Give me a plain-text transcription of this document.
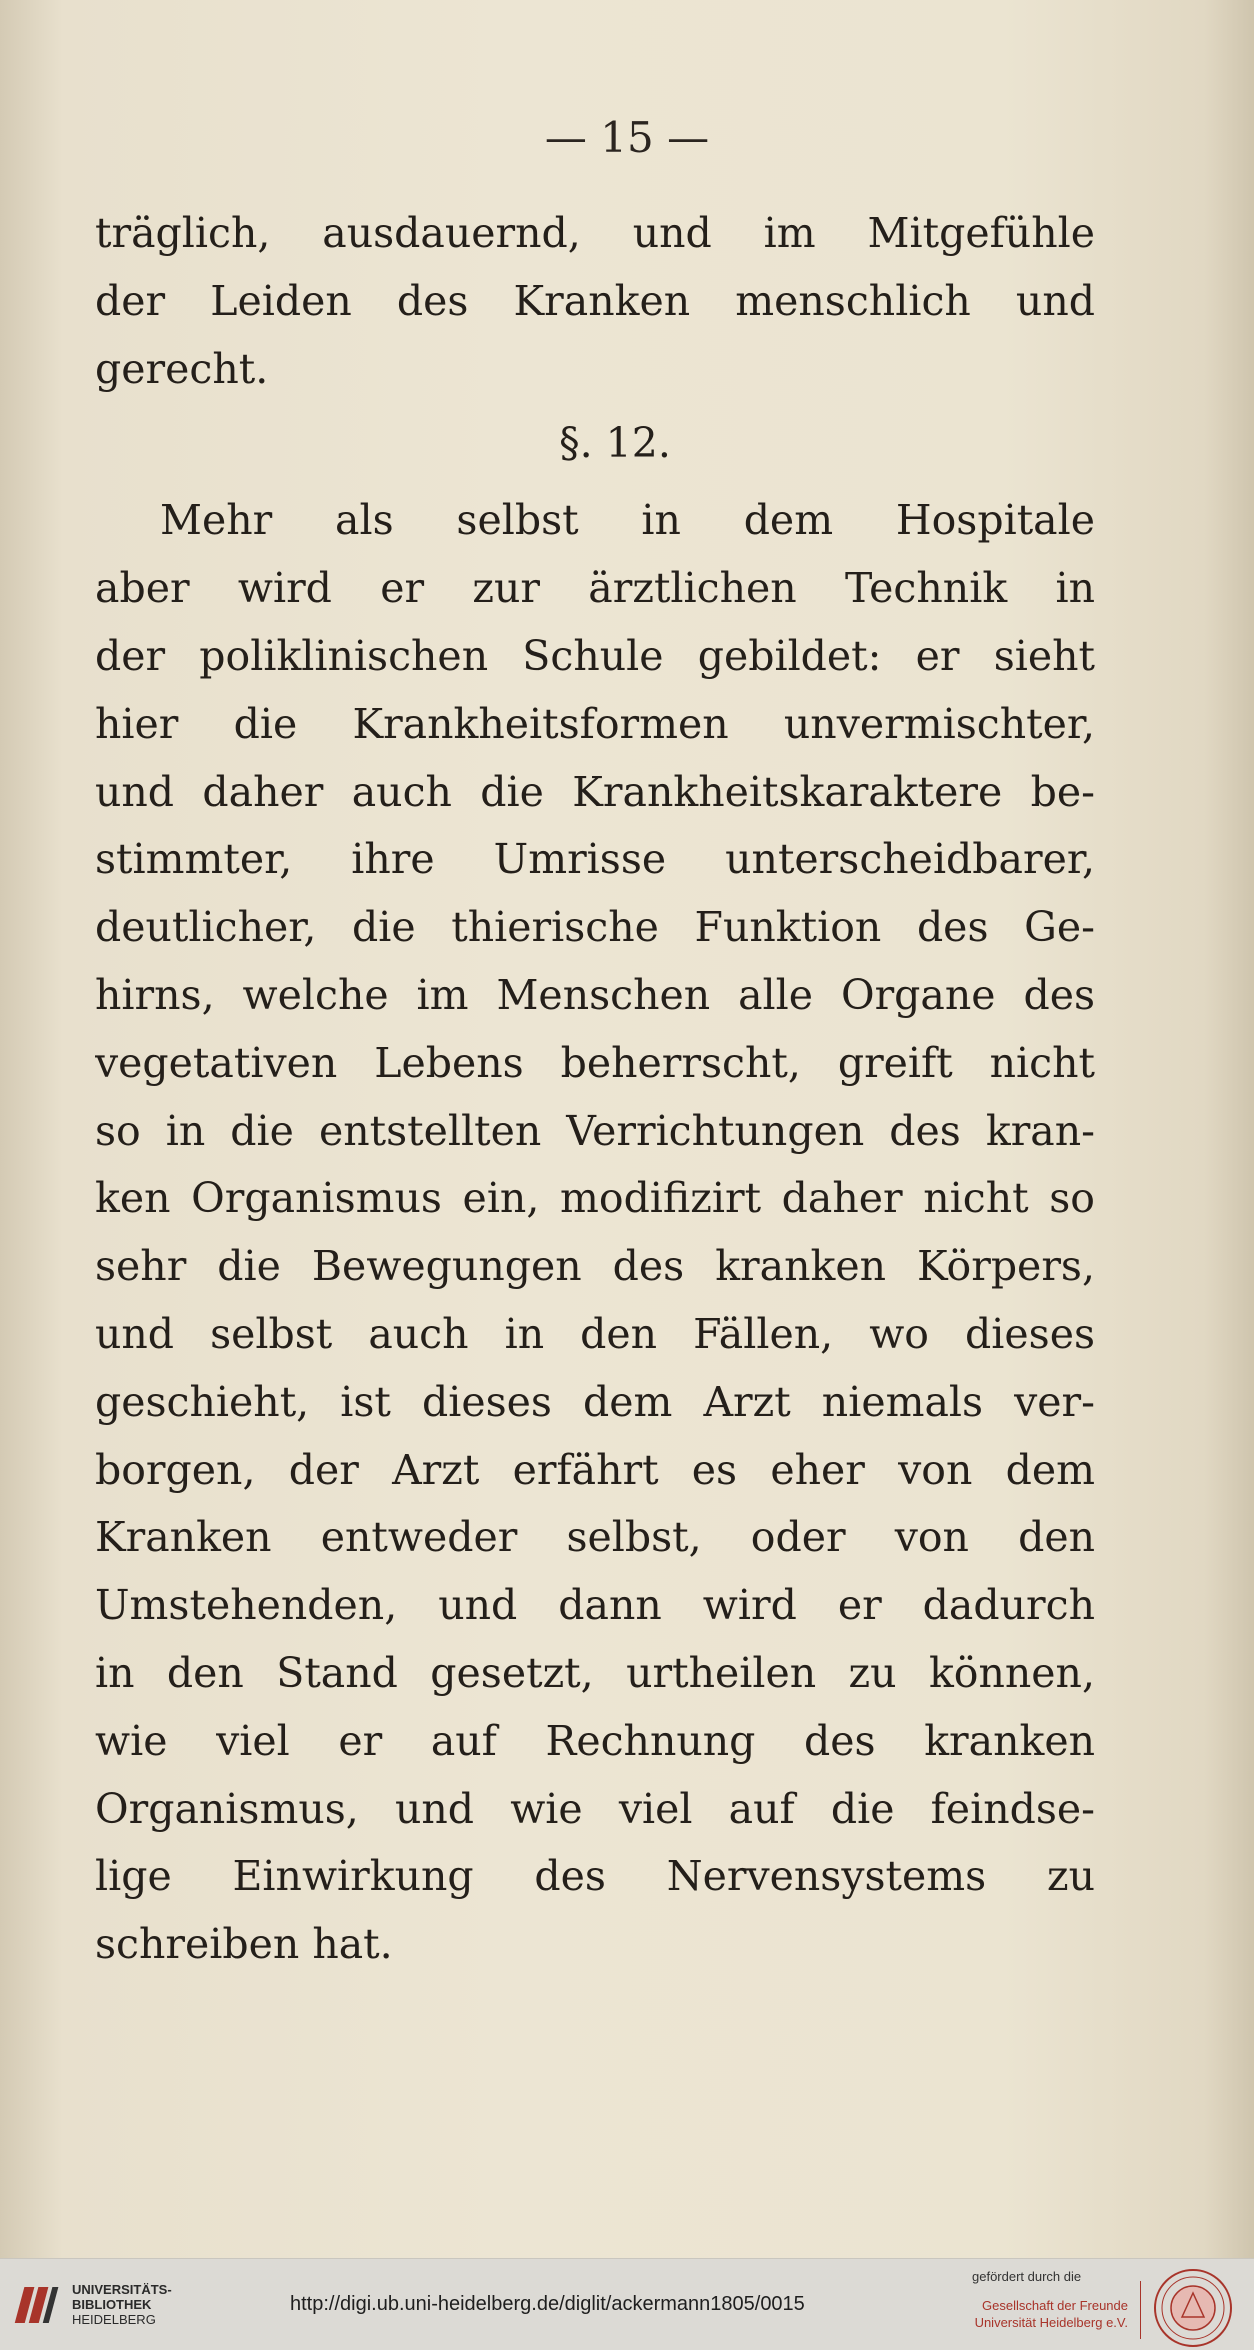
— 15 —
träglich, ausdauernd, und im Mitgefühle
der Leiden des Kranken menschlich und
gerecht.
§. 12.
Mehr als selbst in dem Hospitale
aber wird er zur ärztlichen Technik in
der poliklinischen Schule gebildet: er sieht
hier die Krankheitsformen unvermischter,
und daher auch die Krankheitskaraktere be-
stimmter, ihre Umrisse unterscheidbarer,
deutlicher, die thierische Funktion des Ge-
hirns, welche im Menschen alle Organe des
vegetativen Lebens beherrscht, greift nicht
so in die entstellten Verrichtungen des kran-
ken Organismus ein, modifizirt daher nicht so
sehr die Bewegungen des kranken Körpers,
und selbst auch in den Fällen, wo dieses
geschieht, ist dieses dem Arzt niemals ver-
borgen, der Arzt erfährt es eher von dem
Kranken entweder selbst, oder von den
Umstehenden, und dann wird er dadurch
in den Stand gesetzt, urtheilen zu können,
wie viel er auf Rechnung des kranken
Organismus, und wie viel auf die feindse-
lige Einwirkung des Nervensystems zu
schreiben hat.
UNIVERSITÄTS-
BIBLIOTHEK
HEIDELBERG
http://digi.ub.uni-heidelberg.de/diglit/ackermann1805/0015
gefördert durch die
Gesellschaft der Freunde
Universität Heidelberg e.V.
